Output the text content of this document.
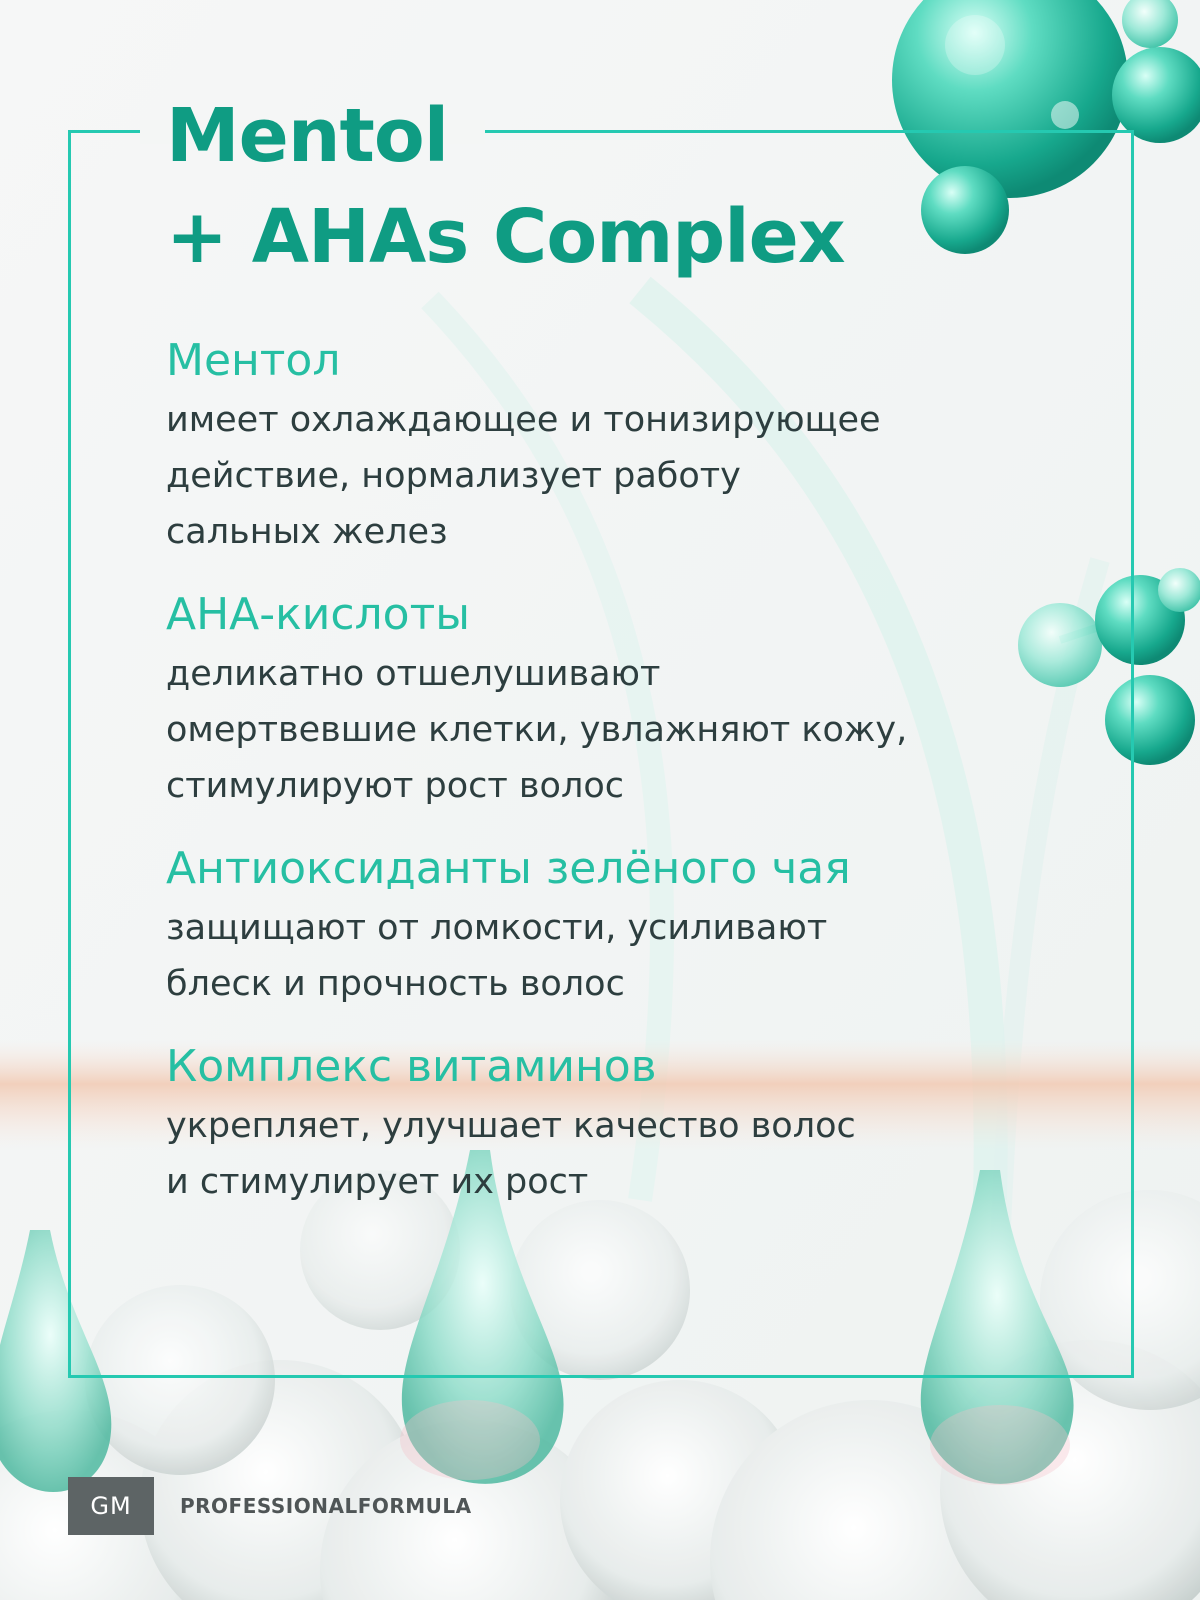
Mentol
+ AHAs Complex
Ментол

имеет охлаждающее и тонизирующее
действие, нормализует работу
сальных желез

АНА-кислоты

деликатно отшелушивают
омертвевшие клетки, увлажняют кожу,
стимулируют рост волос

Антиоксиданты зелёного чая

защищают от ломкости, усиливают
блеск и прочность волос

Комплекс витаминов

укрепляет, улучшает качество волос
и стимулирует их рост

GM	PROFESSIONALFORMULA
